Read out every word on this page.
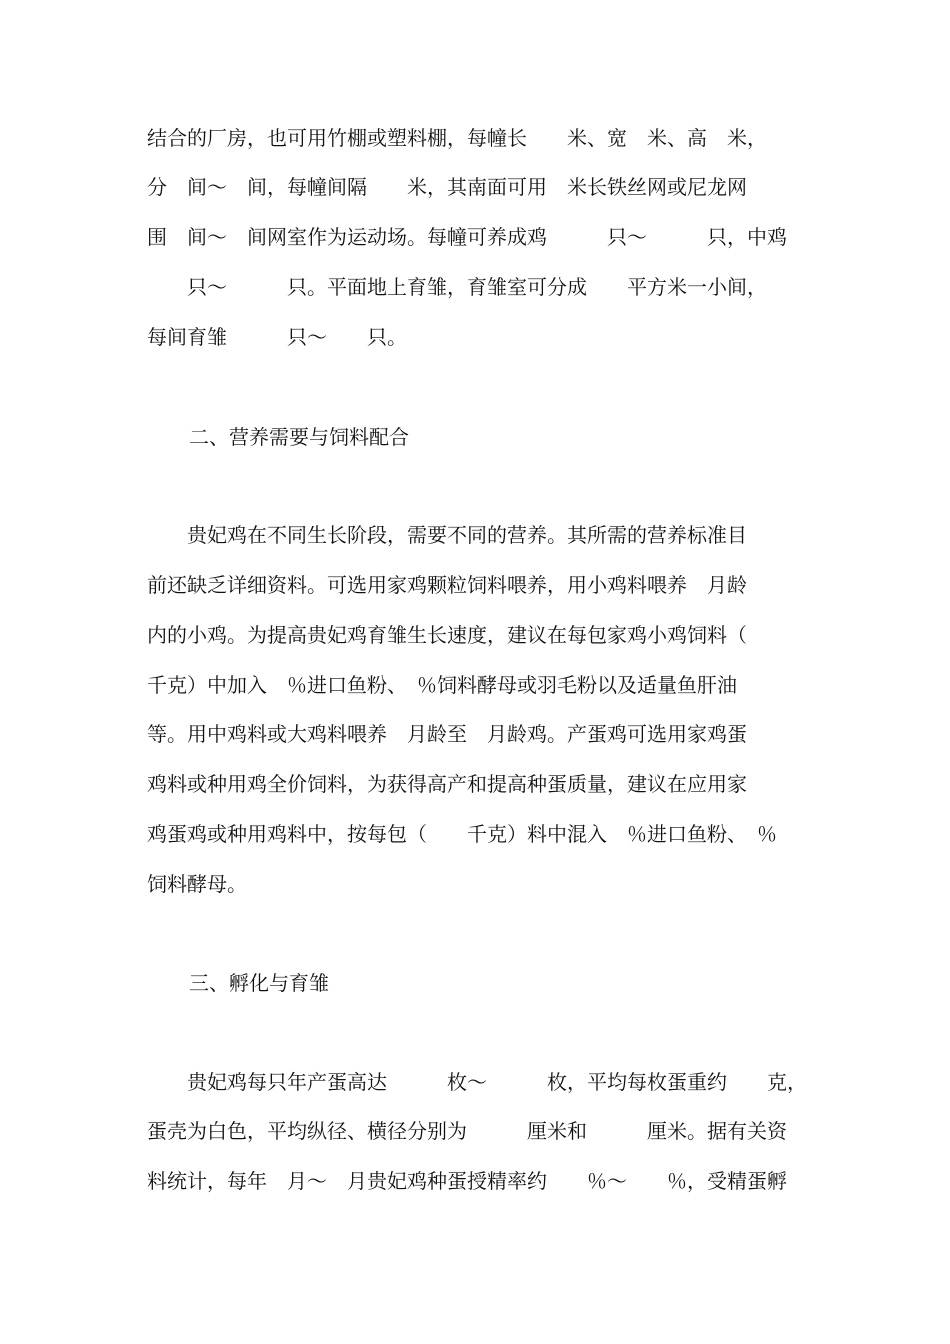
结合的厂房，也可用竹棚或塑料棚，每幢长　　米、宽　米、高　米，
分　间～　间，每幢间隔　　米，其南面可用　米长铁丝网或尼龙网
围　间～　间网室作为运动场。每幢可养成鸡　　　只～　　　只，中鸡
　　只～　　　只。平面地上育雏，育雏室可分成　　平方米一小间，
每间育雏　　　只～　　只。
二、营养需要与饲料配合
　　贵妃鸡在不同生长阶段，需要不同的营养。其所需的营养标准目
前还缺乏详细资料。可选用家鸡颗粒饲料喂养，用小鸡料喂养　月龄
内的小鸡。为提高贵妃鸡育雏生长速度，建议在每包家鸡小鸡饲料（
千克）中加入　％进口鱼粉、　％饲料酵母或羽毛粉以及适量鱼肝油
等。用中鸡料或大鸡料喂养　月龄至　月龄鸡。产蛋鸡可选用家鸡蛋
鸡料或种用鸡全价饲料，为获得高产和提高种蛋质量，建议在应用家
鸡蛋鸡或种用鸡料中，按每包（　　千克）料中混入　％进口鱼粉、　％
饲料酵母。
三、孵化与育雏
　　贵妃鸡每只年产蛋高达　　　枚～　　　枚，平均每枚蛋重约　　克，
蛋壳为白色，平均纵径、横径分别为　　　厘米和　　　厘米。据有关资
料统计，每年　月～　月贵妃鸡种蛋授精率约　　％～　　％，受精蛋孵
